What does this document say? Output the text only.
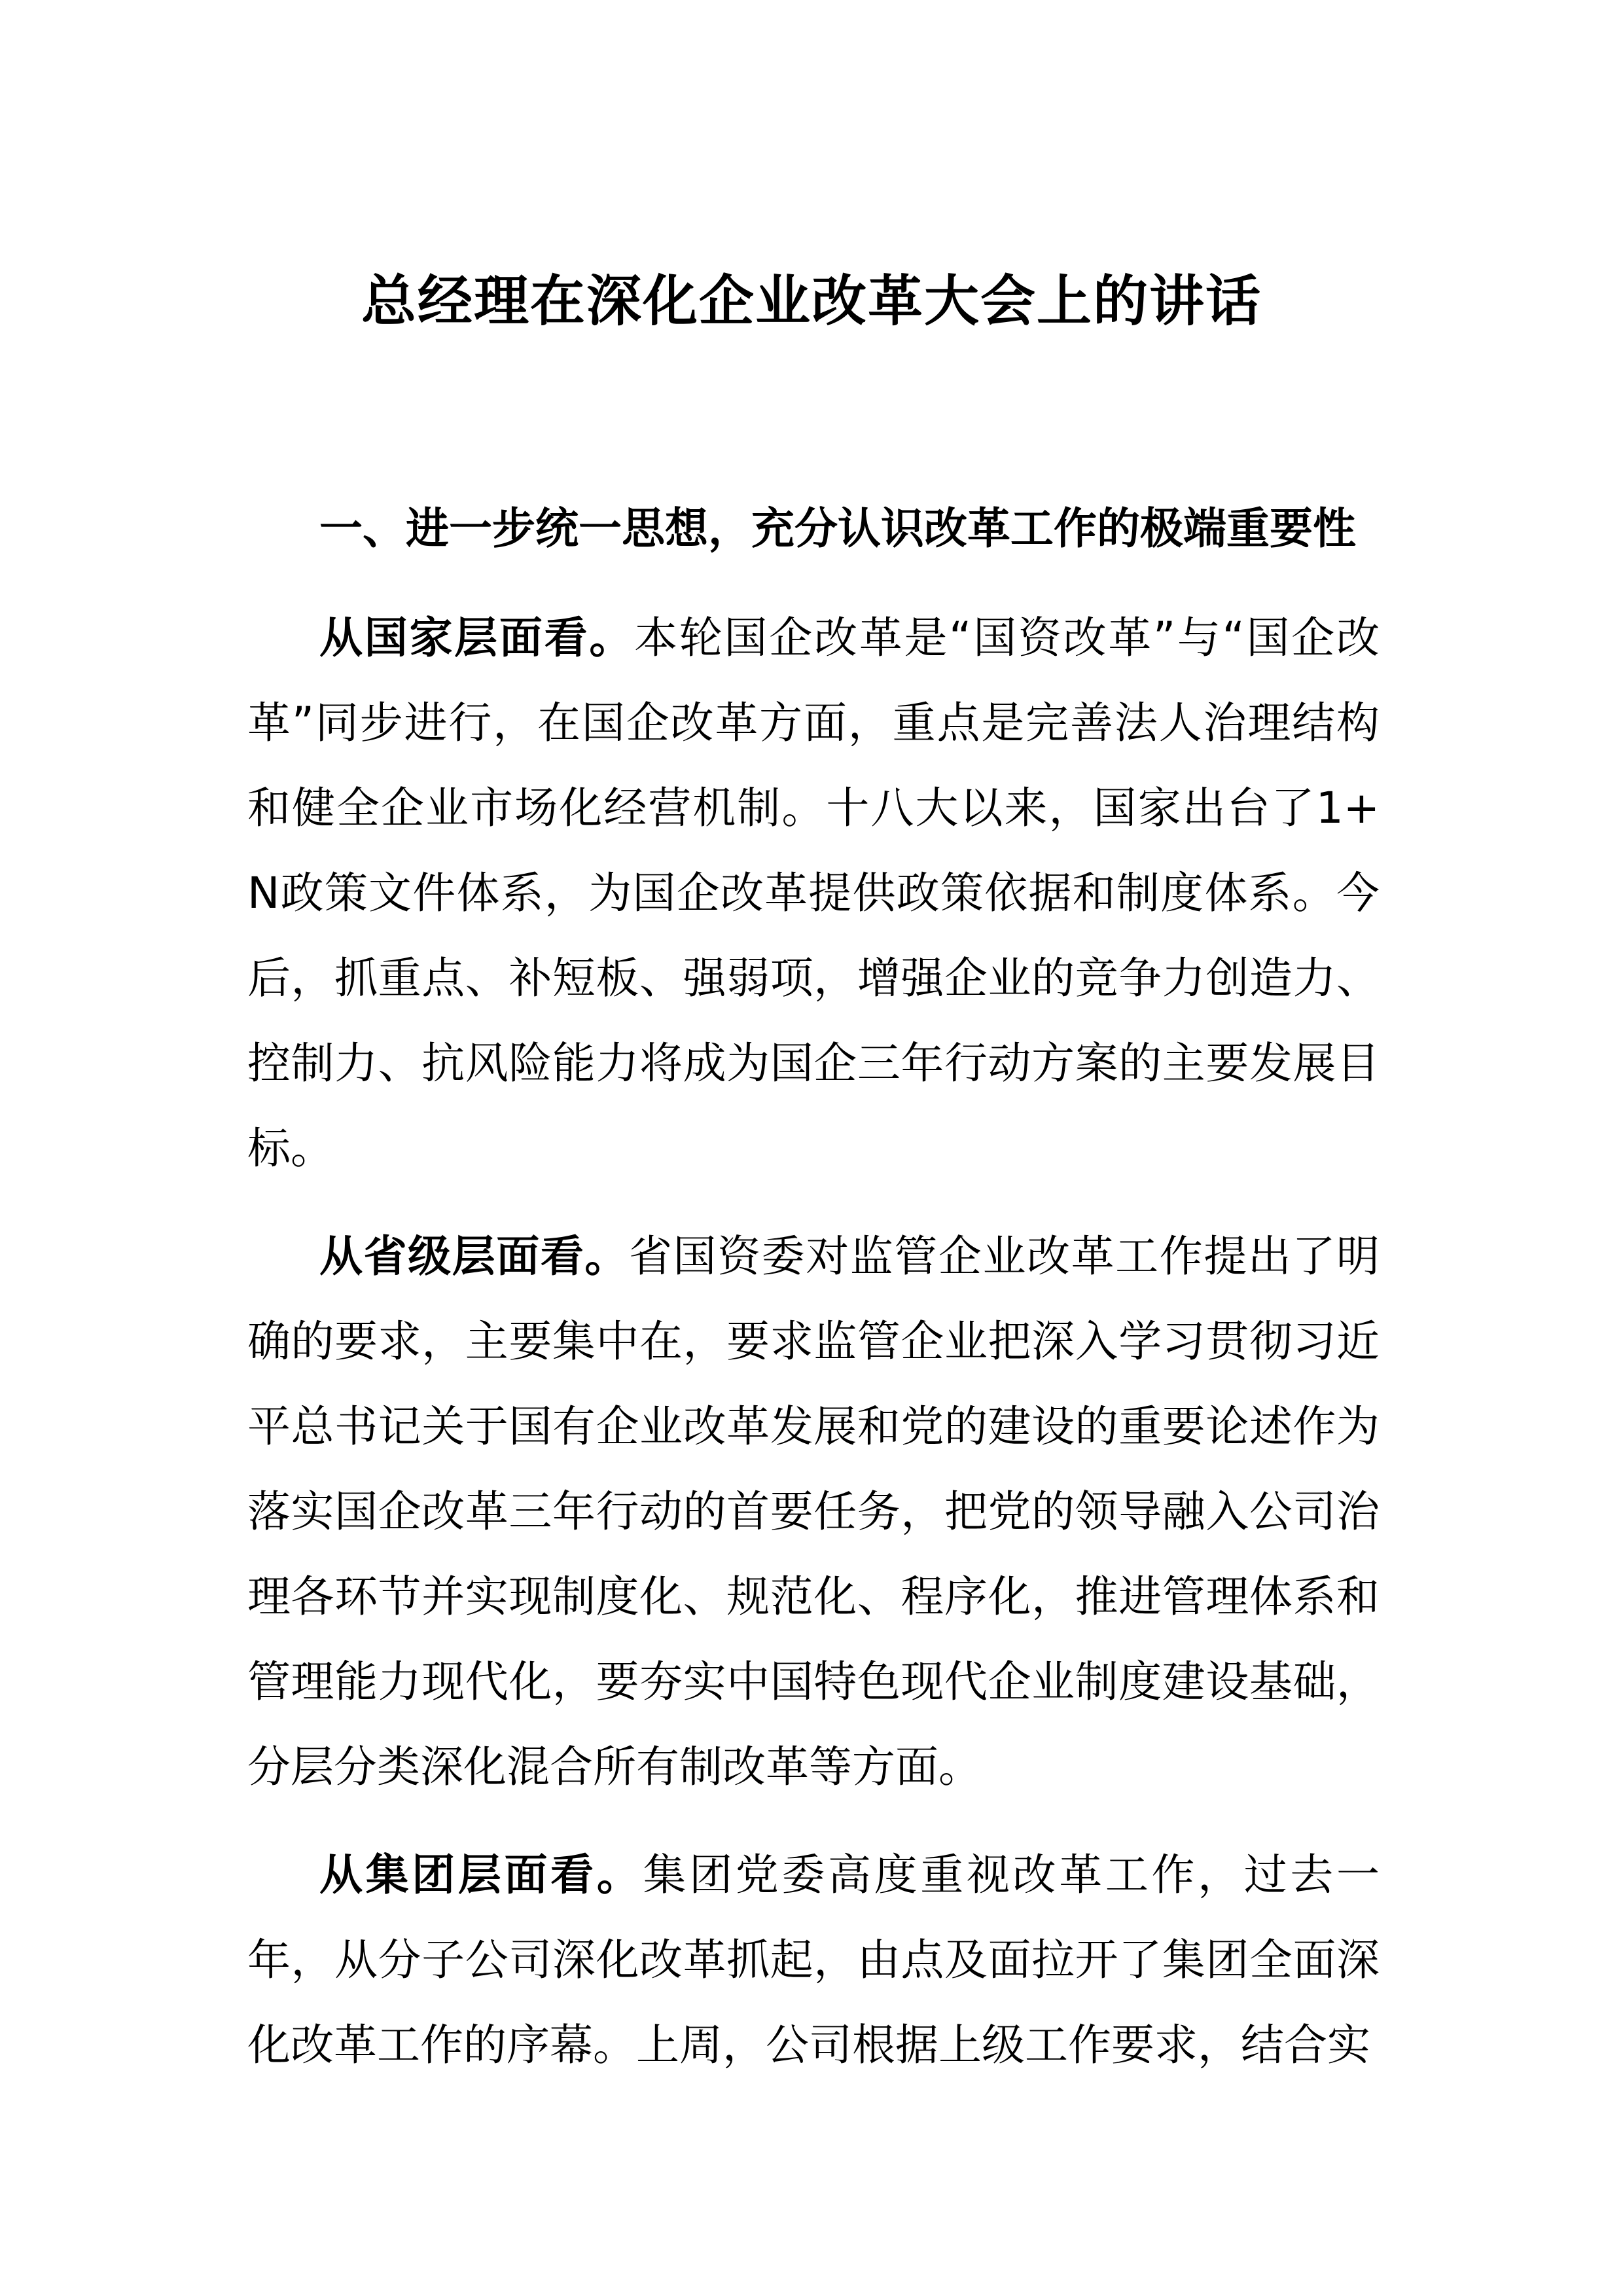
总经理在深化企业改革大会上的讲话
一、进一步统一思想，充分认识改革工作的极端重要性

从国家层面看。本轮国企改革是“国资改革”与“国企改革”同步进行，在国企改革方面，重点是完善法人治理结构和健全企业市场化经营机制。十八大以来，国家出台了1+N政策文件体系，为国企改革提供政策依据和制度体系。今后，抓重点、补短板、强弱项，增强企业的竞争力创造力、控制力、抗风险能力将成为国企三年行动方案的主要发展目标。

从省级层面看。省国资委对监管企业改革工作提出了明确的要求，主要集中在，要求监管企业把深入学习贯彻习近平总书记关于国有企业改革发展和党的建设的重要论述作为落实国企改革三年行动的首要任务，把党的领导融入公司治理各环节并实现制度化、规范化、程序化，推进管理体系和管理能力现代化，要夯实中国特色现代企业制度建设基础，分层分类深化混合所有制改革等方面。

从集团层面看。集团党委高度重视改革工作，过去一年，从分子公司深化改革抓起，由点及面拉开了集团全面深化改革工作的序幕。上周，公司根据上级工作要求，结合实
